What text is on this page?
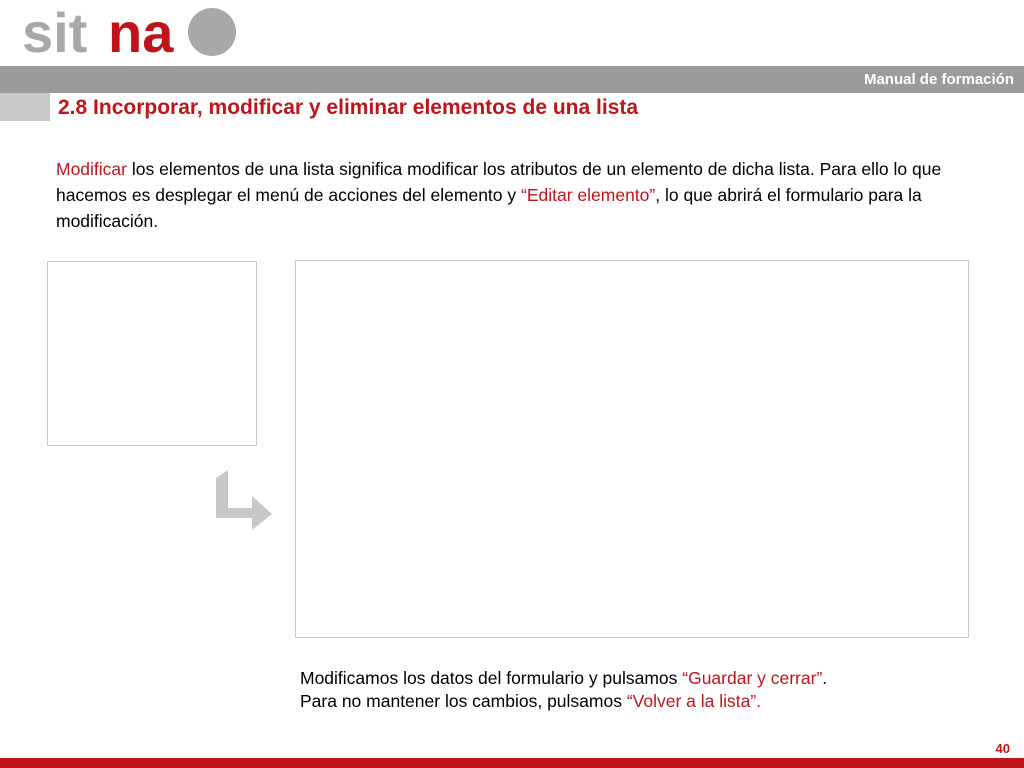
sit na
Manual de formación
2.8 Incorporar, modificar y eliminar elementos de una lista

Modificar los elementos de una lista significa modificar los atributos de un elemento de dicha lista. Para ello lo que hacemos es desplegar el menú de acciones del elemento y “Editar elemento”, lo que abrirá el formulario para la modificación.

Modificamos los datos del formulario y pulsamos “Guardar y cerrar”.
Para no mantener los cambios, pulsamos “Volver a la lista”.

40
